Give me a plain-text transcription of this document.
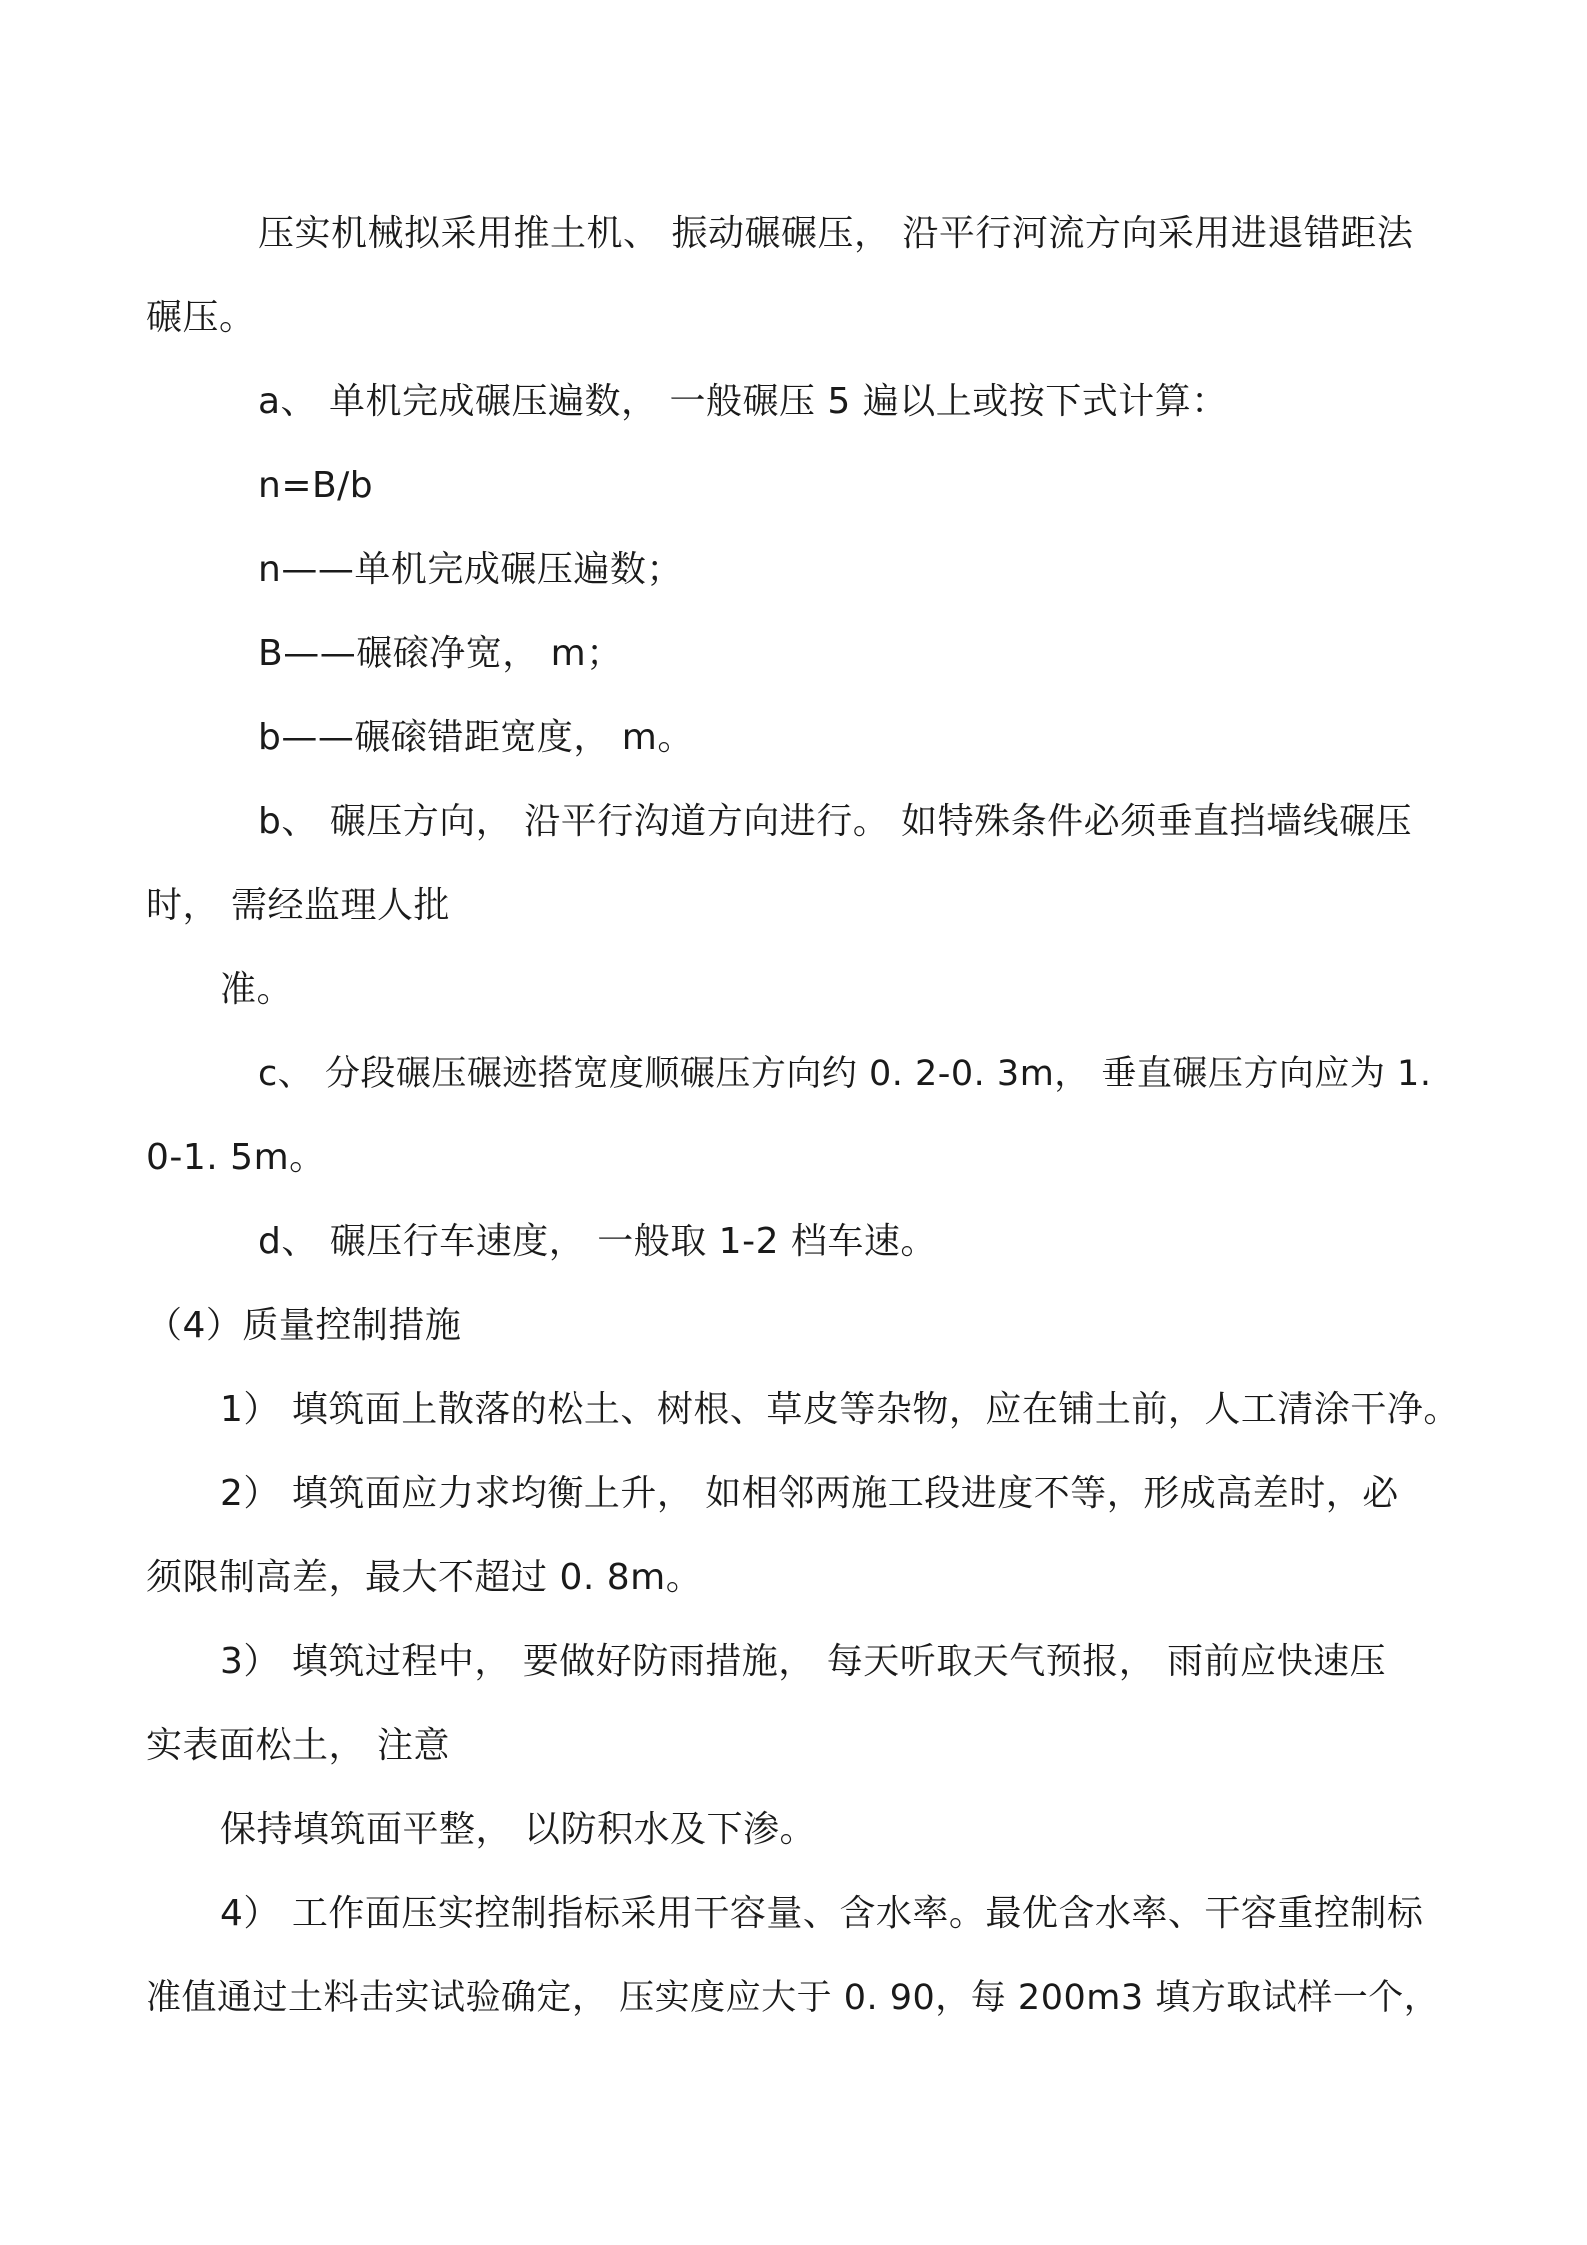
压实机械拟采用推土机、 振动碾碾压， 沿平行河流方向采用进退错距法

碾压。

a、 单机完成碾压遍数， 一般碾压 5 遍以上或按下式计算：

n=B/b

n——单机完成碾压遍数；

B——碾磙净宽， m；

b——碾磙错距宽度， m。

b、 碾压方向， 沿平行沟道方向进行。 如特殊条件必须垂直挡墙线碾压

时， 需经监理人批

准。

c、 分段碾压碾迹搭宽度顺碾压方向约 0. 2-0. 3m， 垂直碾压方向应为 1.

0-1. 5m。

d、 碾压行车速度， 一般取 1-2 档车速。

（4）质量控制措施

1） 填筑面上散落的松土、树根、草皮等杂物，应在铺土前，人工清涂干净。

2） 填筑面应力求均衡上升， 如相邻两施工段进度不等，形成高差时，必

须限制高差，最大不超过 0. 8m。

3） 填筑过程中， 要做好防雨措施， 每天听取天气预报， 雨前应快速压

实表面松土， 注意

保持填筑面平整， 以防积水及下渗。

4） 工作面压实控制指标采用干容量、含水率。最优含水率、干容重控制标

准值通过土料击实试验确定， 压实度应大于 0. 90，每 200m3 填方取试样一个，
